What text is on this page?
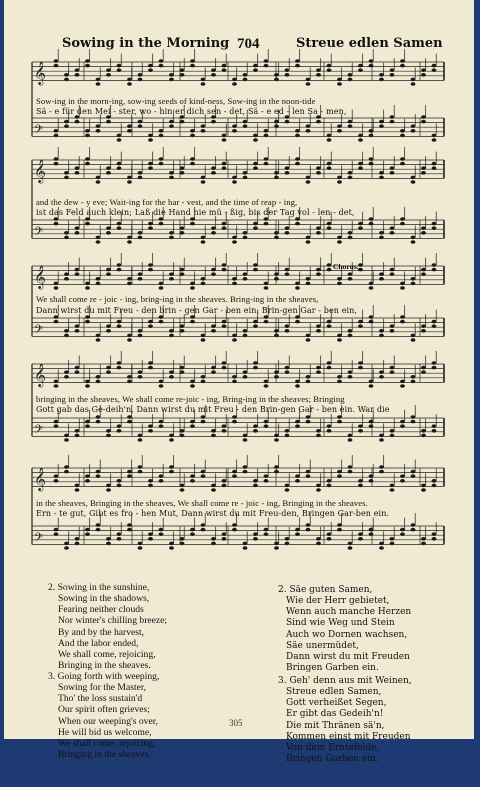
Sowing in the Morning 704	Streue edlen Samen
𝄞
𝄢
𝄞
𝄢
𝄞
𝄢
𝄞
𝄢
𝄞
𝄢
Sow-ing in the morn-ing, sow-ing seeds of kind-ness, Sow-ing in the noon-tide
Sä - e für den Mei - ster, wo - hin er dich sen - det, Sä - e ed - len Sa - men,
and the dew - y eve; Wait-ing for the har - vest, and the time of reap - ing,
ist das Feld auch klein; Laß die Hand nie mü - ßig, bis der Tag vol - len - det,
Chorus.
We shall come re - joic - ing, bring-ing in the sheaves. Bring-ing in the sheaves,
Dann wirst du mit Freu - den brin - gen Gar - ben ein. Brin-gen Gar - ben ein,
bringing in the sheaves, We shall come re-joic - ing, Bring-ing in the sheaves; Bringing
Gott gab das Ge-deih'n, Dann wirst du mit Freu - den Brin-gen Gar - ben ein. War die
in the sheaves, Bringing in the sheaves, We shall come re - joic - ing, Bringing in the sheaves.
Ern - te gut, Gibt es fro - hen Mut, Dann wirst du mit Freu-den, Bringen Gar-ben ein.

2. Sowing in the sunshine,
Sowing in the shadows,
Fearing neither clouds
Nor winter's chilling breeze;
By and by the harvest,
And the labor ended,
We shall come, rejoicing,
Bringing in the sheaves.

3. Going forth with weeping,
Sowing for the Master,
Tho' the loss sustain'd
Our spirit often grieves;
When our weeping's over,
He will bid us welcome,
We shall come, rejoicing,
Bringing in the sheaves.

2. Säe guten Samen,
Wie der Herr gebietet,
Wenn auch manche Herzen
Sind wie Weg und Stein
Auch wo Dornen wachsen,
Säe unermüdet,
Dann wirst du mit Freuden
Bringen Garben ein.

3. Geh' denn aus mit Weinen,
Streue edlen Samen,
Gott verheißet Segen,
Er gibt das Gedeih'n!
Die mit Thränen sä'n,
Kommen einst mit Freuden
Von dem Erntefelde,
Bringen Garben ein.

305
